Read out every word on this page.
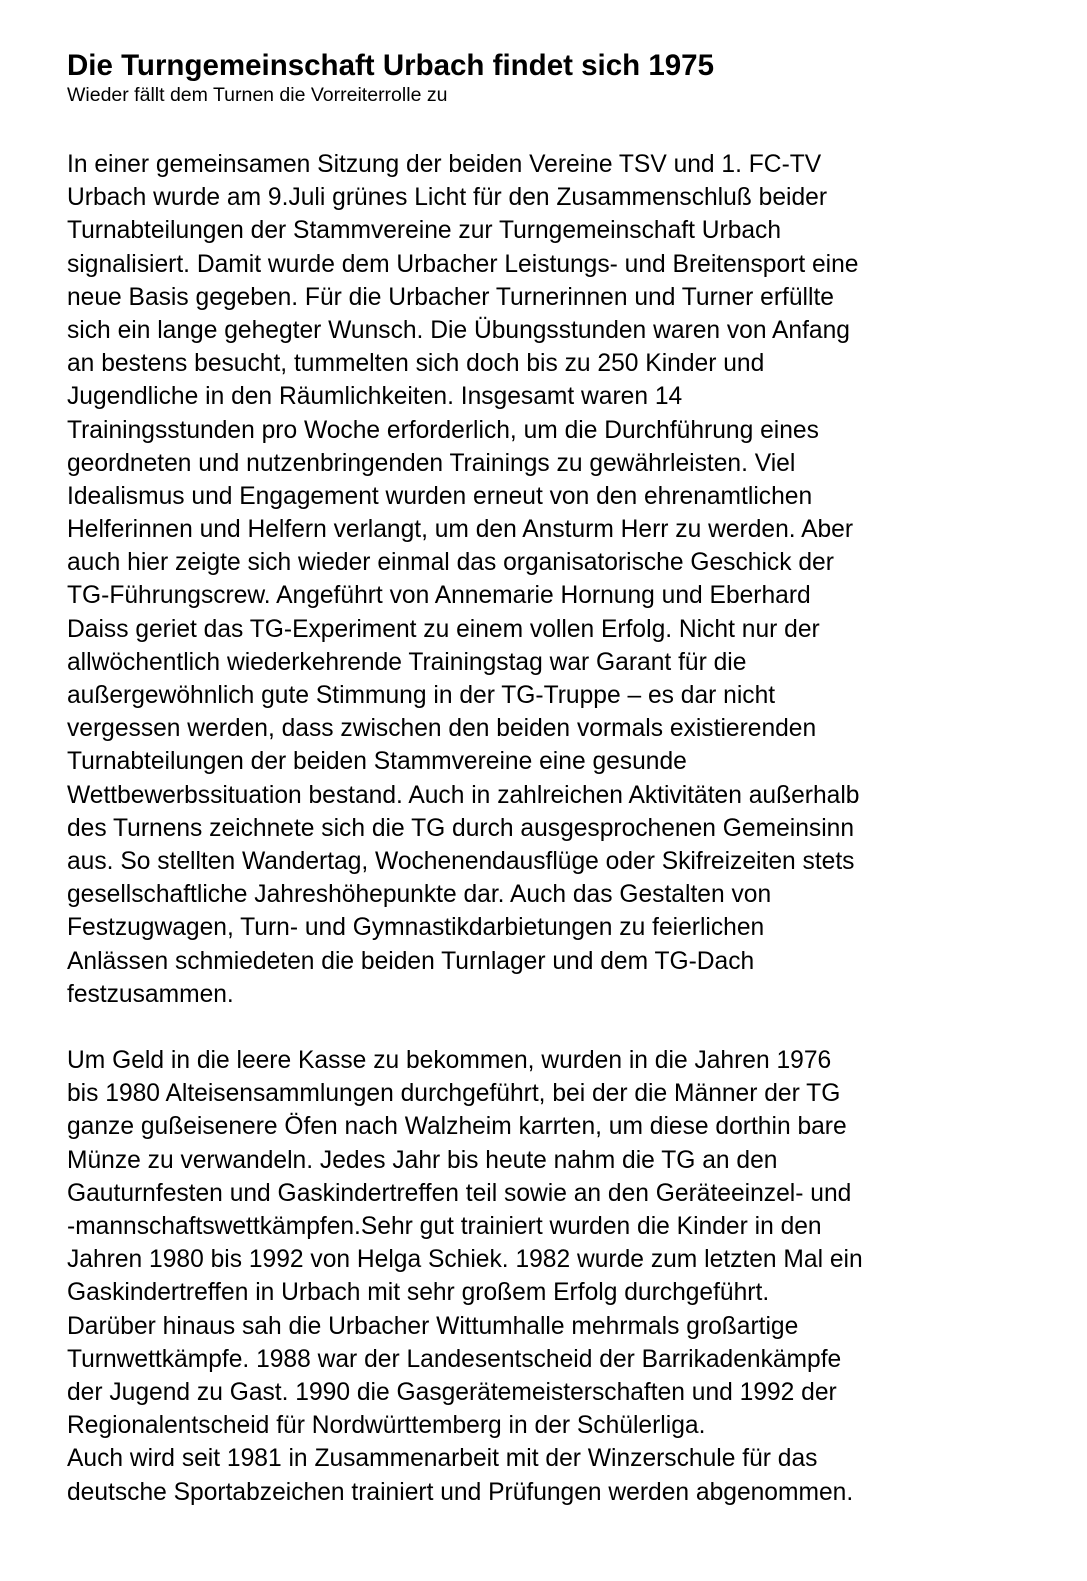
Die Turngemeinschaft Urbach findet sich 1975
Wieder fällt dem Turnen die Vorreiterrolle zu
In einer gemeinsamen Sitzung der beiden Vereine TSV und 1. FC-TV
Urbach wurde am 9.Juli grünes Licht für den Zusammenschluß beider
Turnabteilungen der Stammvereine zur Turngemeinschaft Urbach
signalisiert. Damit wurde dem Urbacher Leistungs- und Breitensport eine
neue Basis gegeben. Für die Urbacher Turnerinnen und Turner erfüllte
sich ein lange gehegter Wunsch. Die Übungsstunden waren von Anfang
an bestens besucht, tummelten sich doch bis zu 250 Kinder und
Jugendliche in den Räumlichkeiten. Insgesamt waren 14
Trainingsstunden pro Woche erforderlich, um die Durchführung eines
geordneten und nutzenbringenden Trainings zu gewährleisten. Viel
Idealismus und Engagement wurden erneut von den ehrenamtlichen
Helferinnen und Helfern verlangt, um den Ansturm Herr zu werden. Aber
auch hier zeigte sich wieder einmal das organisatorische Geschick der
TG-Führungscrew. Angeführt von Annemarie Hornung und Eberhard
Daiss geriet das TG-Experiment zu einem vollen Erfolg. Nicht nur der
allwöchentlich wiederkehrende Trainingstag war Garant für die
außergewöhnlich gute Stimmung in der TG-Truppe – es dar nicht
vergessen werden, dass zwischen den beiden vormals existierenden
Turnabteilungen der beiden Stammvereine eine gesunde
Wettbewerbssituation bestand. Auch in zahlreichen Aktivitäten außerhalb
des Turnens zeichnete sich die TG durch ausgesprochenen Gemeinsinn
aus. So stellten Wandertag, Wochenendausflüge oder Skifreizeiten stets
gesellschaftliche Jahreshöhepunkte dar. Auch das Gestalten von
Festzugwagen, Turn- und Gymnastikdarbietungen zu feierlichen
Anlässen schmiedeten die beiden Turnlager und dem TG-Dach
festzusammen.
Um Geld in die leere Kasse zu bekommen, wurden in die Jahren 1976
bis 1980 Alteisensammlungen durchgeführt, bei der die Männer der TG
ganze gußeisenere Öfen nach Walzheim karrten, um diese dorthin bare
Münze zu verwandeln. Jedes Jahr bis heute nahm die TG an den
Gauturnfesten und Gaskindertreffen teil sowie an den Geräteeinzel- und
-mannschaftswettkämpfen.Sehr gut trainiert wurden die Kinder in den
Jahren 1980 bis 1992 von Helga Schiek. 1982 wurde zum letzten Mal ein
Gaskindertreffen in Urbach mit sehr großem Erfolg durchgeführt.
Darüber hinaus sah die Urbacher Wittumhalle mehrmals großartige
Turnwettkämpfe. 1988 war der Landesentscheid der Barrikadenkämpfe
der Jugend zu Gast. 1990 die Gasgerätemeisterschaften und 1992 der
Regionalentscheid für Nordwürttemberg in der Schülerliga.
Auch wird seit 1981 in Zusammenarbeit mit der Winzerschule für das
deutsche Sportabzeichen trainiert und Prüfungen werden abgenommen.
